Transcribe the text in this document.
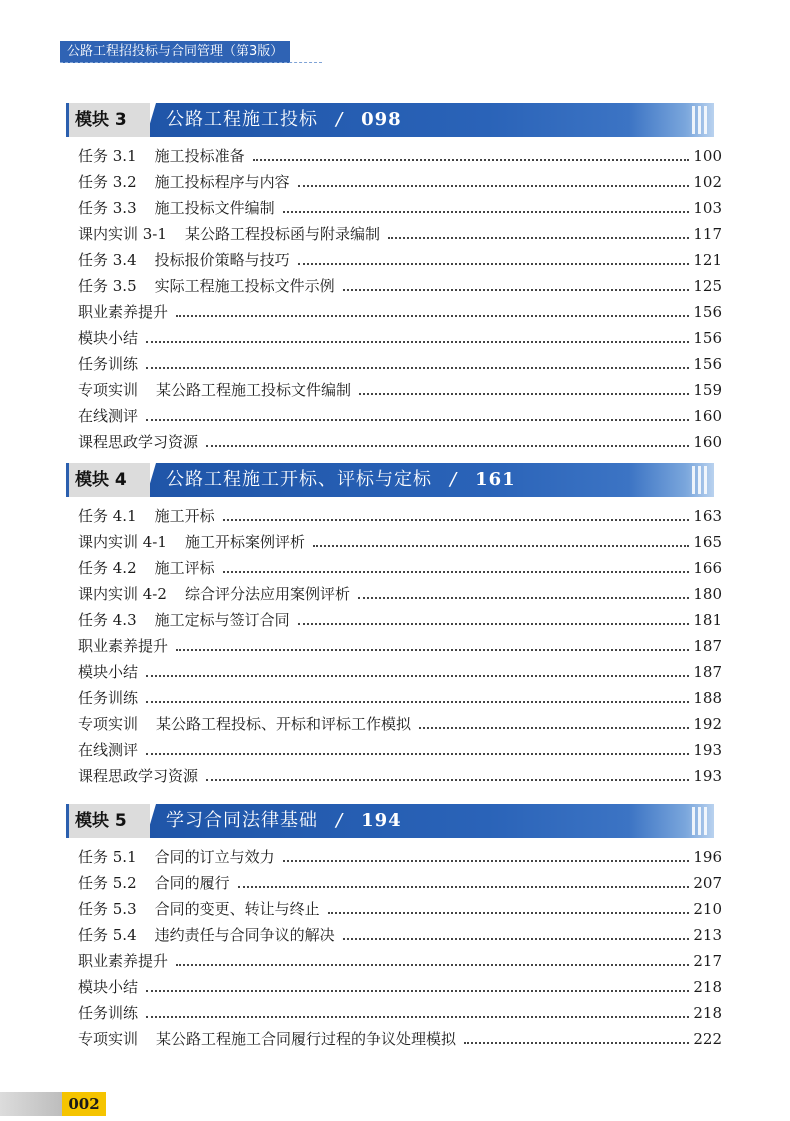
公路工程招投标与合同管理（第3版）
模块 3	公路工程施工投标 / 098
任务 3.1 施工投标准备	100
任务 3.2 施工投标程序与内容	102
任务 3.3 施工投标文件编制	103
课内实训 3-1 某公路工程投标函与附录编制	117
任务 3.4 投标报价策略与技巧	121
任务 3.5 实际工程施工投标文件示例	125
职业素养提升	156
模块小结	156
任务训练	156
专项实训 某公路工程施工投标文件编制	159
在线测评	160
课程思政学习资源	160
模块 4	公路工程施工开标、评标与定标 / 161
任务 4.1 施工开标	163
课内实训 4-1 施工开标案例评析	165
任务 4.2 施工评标	166
课内实训 4-2 综合评分法应用案例评析	180
任务 4.3 施工定标与签订合同	181
职业素养提升	187
模块小结	187
任务训练	188
专项实训 某公路工程投标、开标和评标工作模拟	192
在线测评	193
课程思政学习资源	193
模块 5	学习合同法律基础 / 194
任务 5.1 合同的订立与效力	196
任务 5.2 合同的履行	207
任务 5.3 合同的变更、转让与终止	210
任务 5.4 违约责任与合同争议的解决	213
职业素养提升	217
模块小结	218
任务训练	218
专项实训 某公路工程施工合同履行过程的争议处理模拟	222
002
